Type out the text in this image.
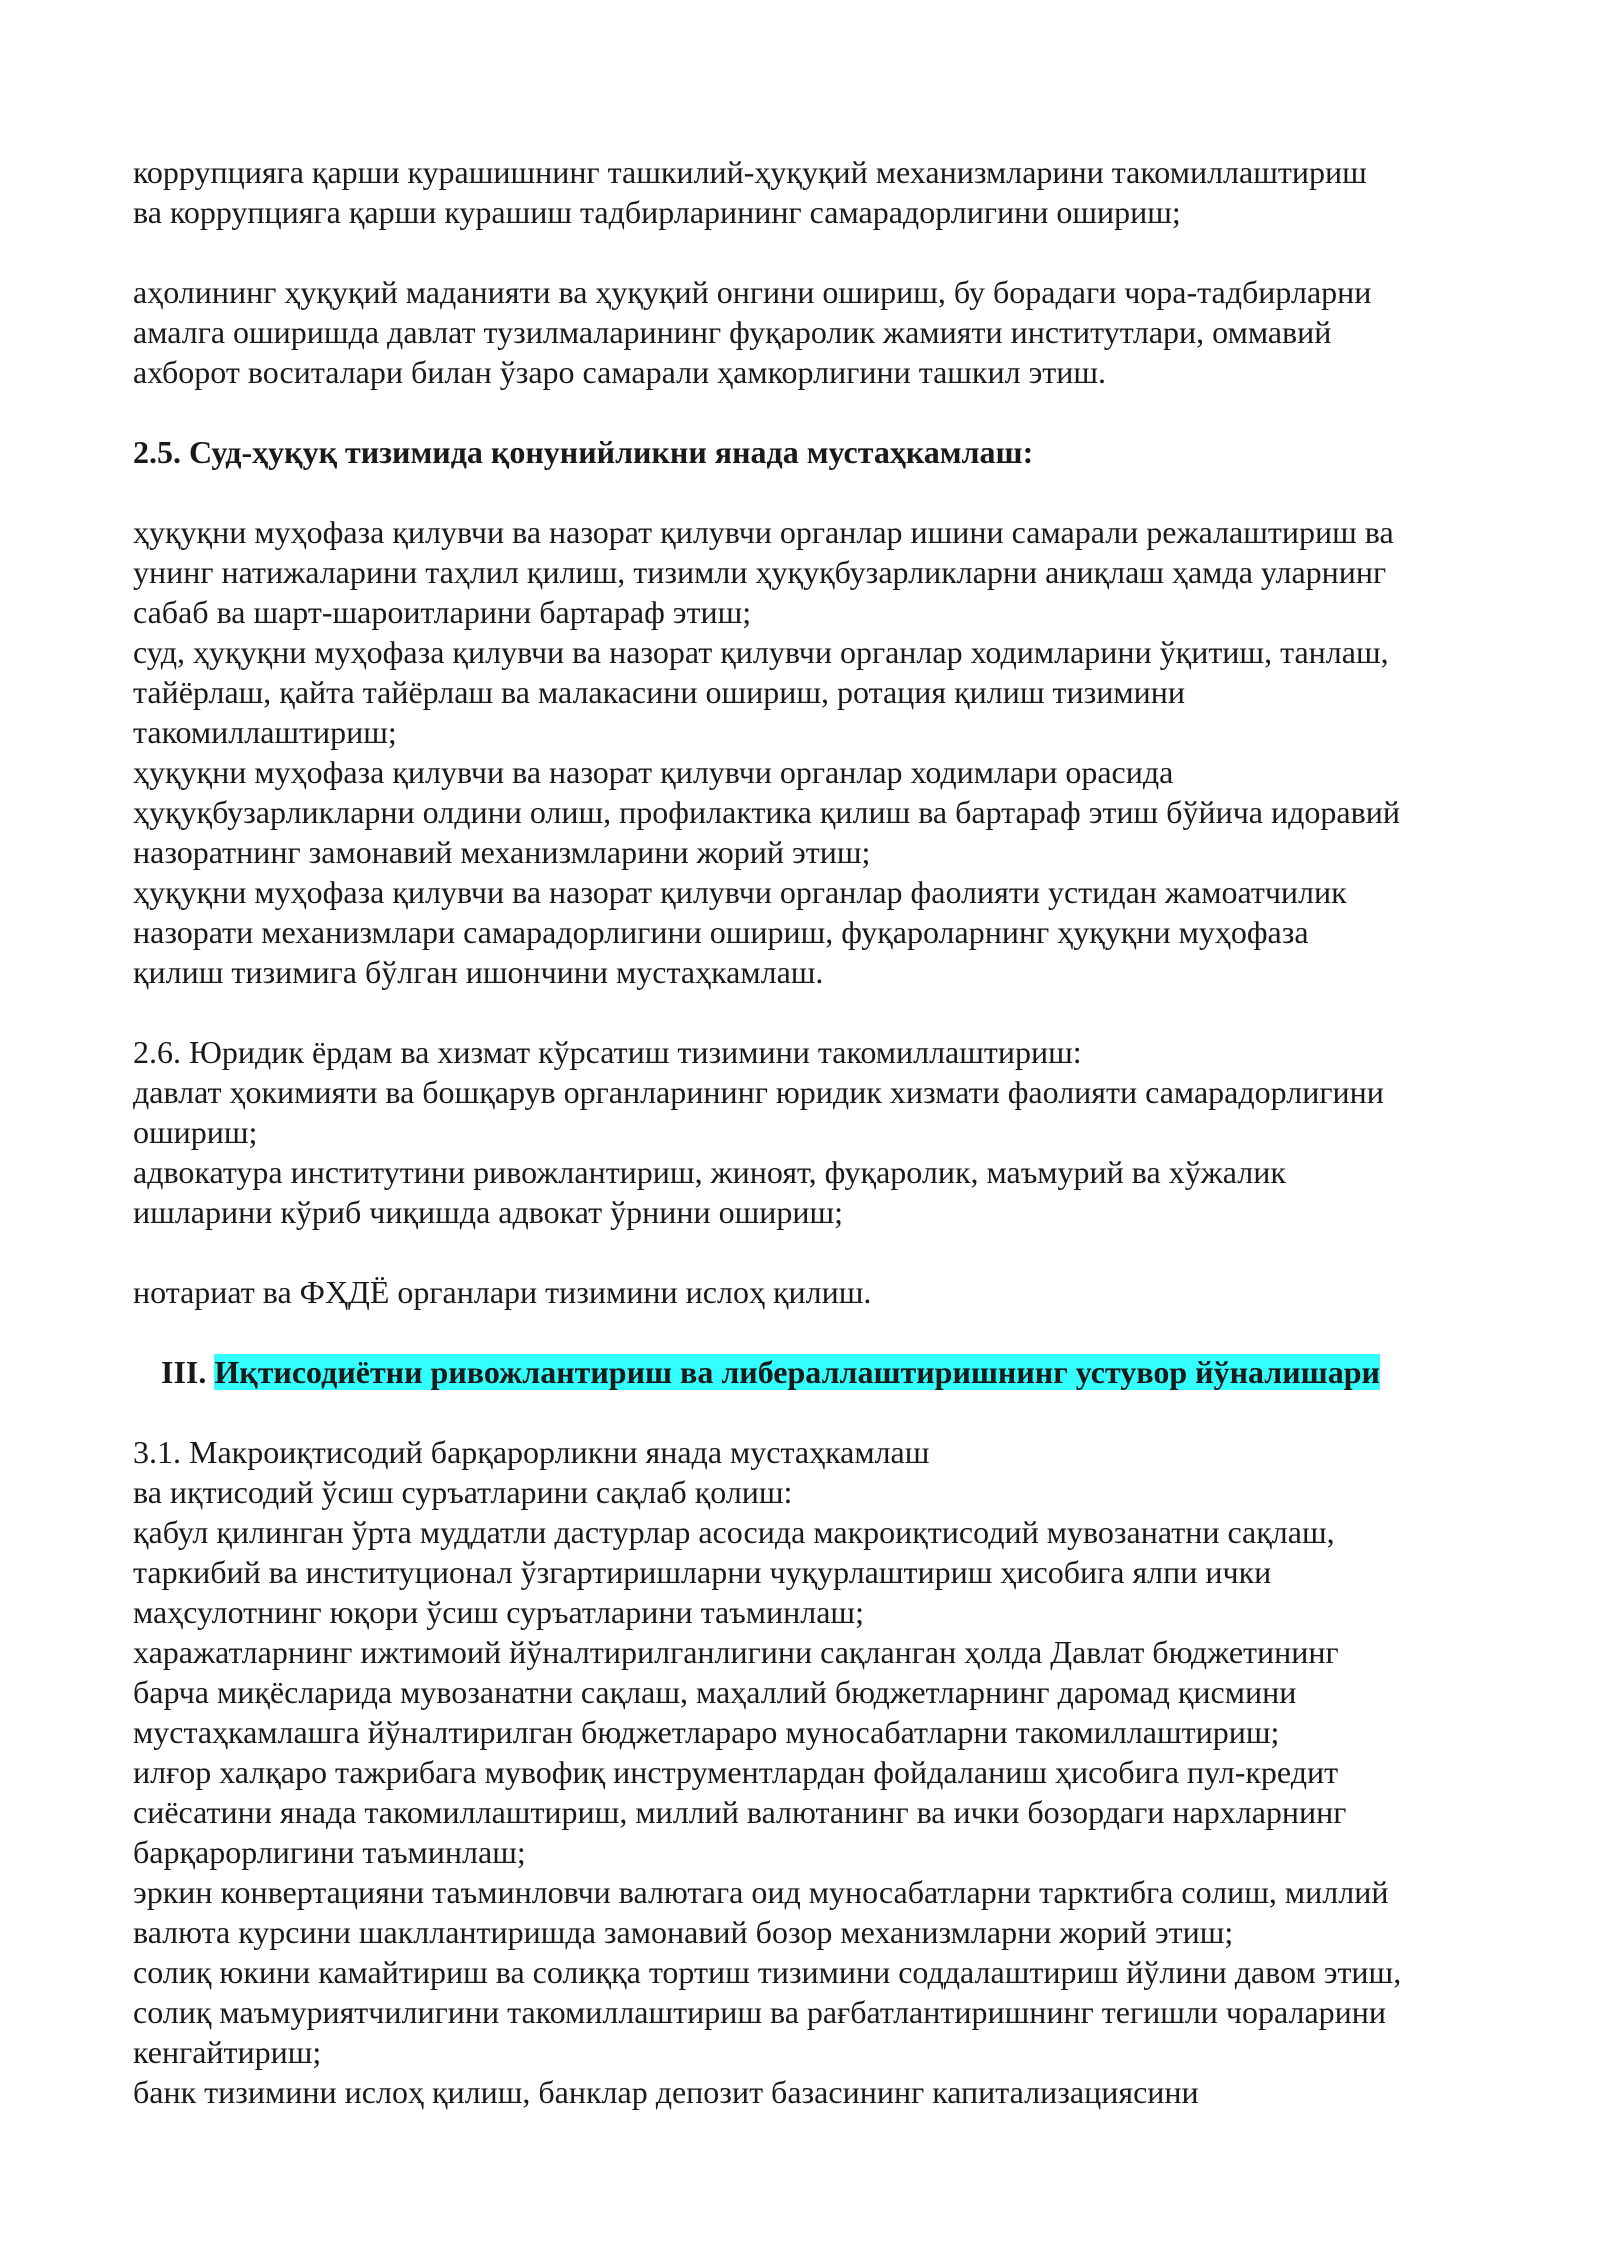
коррупцияга қарши курашишнинг ташкилий-ҳуқуқий механизмларини такомиллаштириш
ва коррупцияга қарши курашиш тадбирларининг самарадорлигини ошириш;
аҳолининг ҳуқуқий маданияти ва ҳуқуқий онгини ошириш, бу борадаги чора-тадбирларни
амалга оширишда давлат тузилмаларининг фуқаролик жамияти институтлари, оммавий
ахборот воситалари билан ўзаро самарали ҳамкорлигини ташкил этиш.
2.5. Суд-ҳуқуқ тизимида қонунийликни янада мустаҳкамлаш:
ҳуқуқни муҳофаза қилувчи ва назорат қилувчи органлар ишини самарали режалаштириш ва
унинг натижаларини таҳлил қилиш, тизимли ҳуқуқбузарликларни аниқлаш ҳамда уларнинг
сабаб ва шарт-шароитларини бартараф этиш;
суд, ҳуқуқни муҳофаза қилувчи ва назорат қилувчи органлар ходимларини ўқитиш, танлаш,
тайёрлаш, қайта тайёрлаш ва малакасини ошириш, ротация қилиш тизимини
такомиллаштириш;
ҳуқуқни муҳофаза қилувчи ва назорат қилувчи органлар ходимлари орасида
ҳуқуқбузарликларни олдини олиш, профилактика қилиш ва бартараф этиш бўйича идоравий
назоратнинг замонавий механизмларини жорий этиш;
ҳуқуқни муҳофаза қилувчи ва назорат қилувчи органлар фаолияти устидан жамоатчилик
назорати механизмлари самарадорлигини ошириш, фуқароларнинг ҳуқуқни муҳофаза
қилиш тизимига бўлган ишончини мустаҳкамлаш.
2.6. Юридик ёрдам ва хизмат кўрсатиш тизимини такомиллаштириш:
давлат ҳокимияти ва бошқарув органларининг юридик хизмати фаолияти самарадорлигини
ошириш;
адвокатура институтини ривожлантириш, жиноят, фуқаролик, маъмурий ва хўжалик
ишларини кўриб чиқишда адвокат ўрнини ошириш;
нотариат ва ФҲДЁ органлари тизимини ислоҳ қилиш.
III. Иқтисодиётни ривожлантириш ва либераллаштиришнинг устувор йўналишари
3.1. Макроиқтисодий барқарорликни янада мустаҳкамлаш
ва иқтисодий ўсиш суръатларини сақлаб қолиш:
қабул қилинган ўрта муддатли дастурлар асосида макроиқтисодий мувозанатни сақлаш,
таркибий ва институционал ўзгартиришларни чуқурлаштириш ҳисобига ялпи ички
маҳсулотнинг юқори ўсиш суръатларини таъминлаш;
харажатларнинг ижтимоий йўналтирилганлигини сақланган ҳолда Давлат бюджетининг
барча миқёсларида мувозанатни сақлаш, маҳаллий бюджетларнинг даромад қисмини
мустаҳкамлашга йўналтирилган бюджетлараро муносабатларни такомиллаштириш;
илғор халқаро тажрибага мувофиқ инструментлардан фойдаланиш ҳисобига пул-кредит
сиёсатини янада такомиллаштириш, миллий валютанинг ва ички бозордаги нархларнинг
барқарорлигини таъминлаш;
эркин конвертацияни таъминловчи валютага оид муносабатларни тарктибга солиш, миллий
валюта курсини шакллантиришда замонавий бозор механизмларни жорий этиш;
солиқ юкини камайтириш ва солиққа тортиш тизимини соддалаштириш йўлини давом этиш,
солиқ маъмуриятчилигини такомиллаштириш ва рағбатлантиришнинг тегишли чораларини
кенгайтириш;
банк тизимини ислоҳ қилиш, банклар депозит базасининг капитализациясини
